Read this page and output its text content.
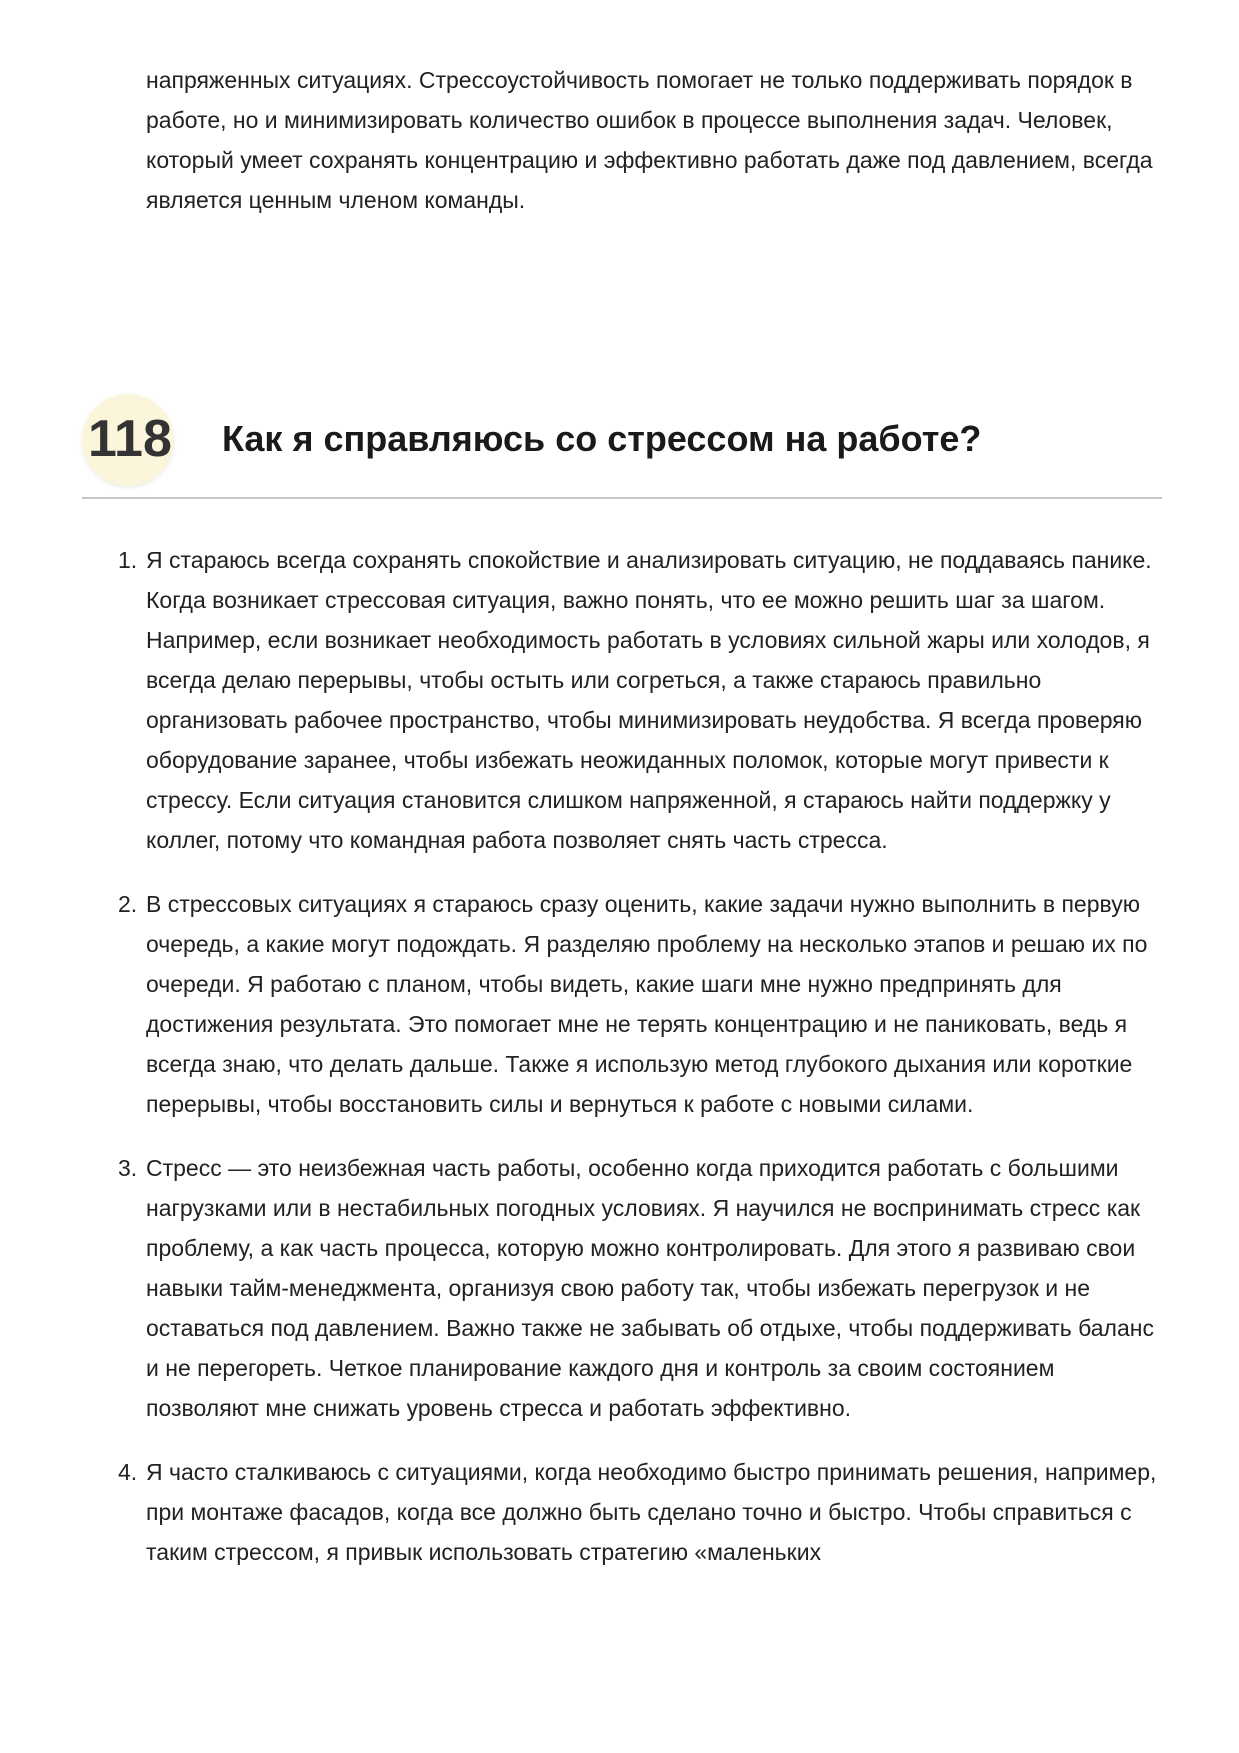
напряженных ситуациях. Стрессоустойчивость помогает не только поддерживать порядок в работе, но и минимизировать количество ошибок в процессе выполнения задач. Человек, который умеет сохранять концентрацию и эффективно работать даже под давлением, всегда является ценным членом команды.

118 Как я справляюсь со стрессом на работе?
1. Я стараюсь всегда сохранять спокойствие и анализировать ситуацию, не поддаваясь панике. Когда возникает стрессовая ситуация, важно понять, что ее можно решить шаг за шагом. Например, если возникает необходимость работать в условиях сильной жары или холодов, я всегда делаю перерывы, чтобы остыть или согреться, а также стараюсь правильно организовать рабочее пространство, чтобы минимизировать неудобства. Я всегда проверяю оборудование заранее, чтобы избежать неожиданных поломок, которые могут привести к стрессу. Если ситуация становится слишком напряженной, я стараюсь найти поддержку у коллег, потому что командная работа позволяет снять часть стресса.
2. В стрессовых ситуациях я стараюсь сразу оценить, какие задачи нужно выполнить в первую очередь, а какие могут подождать. Я разделяю проблему на несколько этапов и решаю их по очереди. Я работаю с планом, чтобы видеть, какие шаги мне нужно предпринять для достижения результата. Это помогает мне не терять концентрацию и не паниковать, ведь я всегда знаю, что делать дальше. Также я использую метод глубокого дыхания или короткие перерывы, чтобы восстановить силы и вернуться к работе с новыми силами.
3. Стресс — это неизбежная часть работы, особенно когда приходится работать с большими нагрузками или в нестабильных погодных условиях. Я научился не воспринимать стресс как проблему, а как часть процесса, которую можно контролировать. Для этого я развиваю свои навыки тайм-менеджмента, организуя свою работу так, чтобы избежать перегрузок и не оставаться под давлением. Важно также не забывать об отдыхе, чтобы поддерживать баланс и не перегореть. Четкое планирование каждого дня и контроль за своим состоянием позволяют мне снижать уровень стресса и работать эффективно.
4. Я часто сталкиваюсь с ситуациями, когда необходимо быстро принимать решения, например, при монтаже фасадов, когда все должно быть сделано точно и быстро. Чтобы справиться с таким стрессом, я привык использовать стратегию «маленьких
